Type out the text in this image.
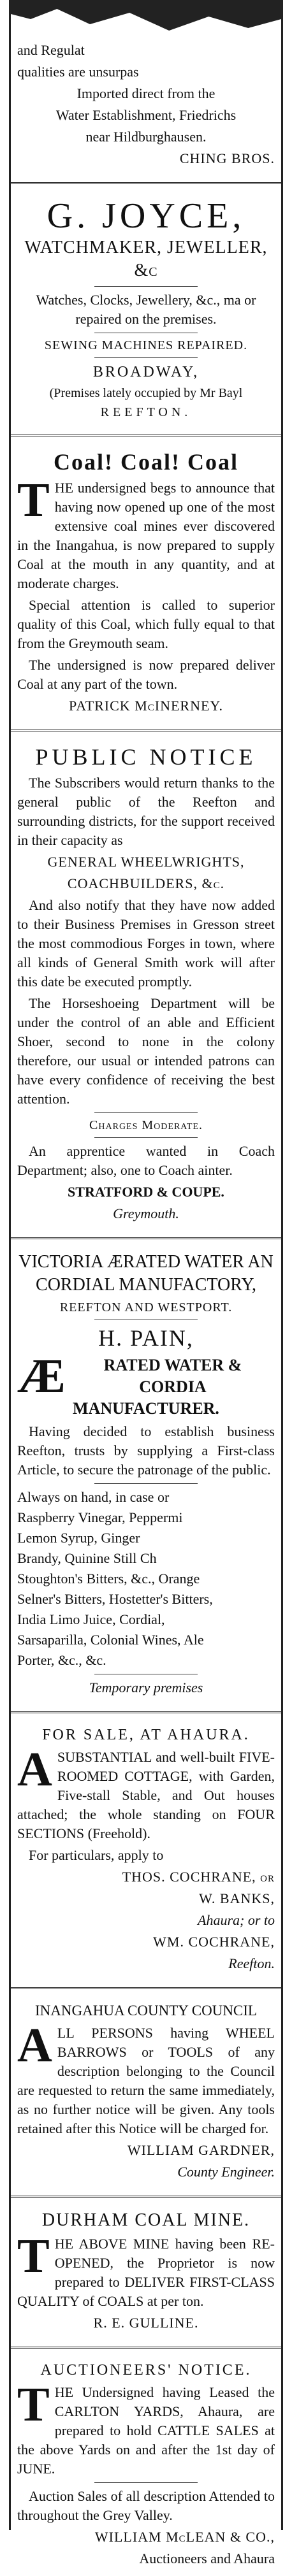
and Regulat

qualities are unsurpas

Imported direct from the

Water Establishment, Friedrichs

near Hildburghausen.

CHING BROS.

G. JOYCE,
WATCHMAKER, JEWELLER, &c

Watches, Clocks, Jewellery, &c., ma or repaired on the premises.

SEWING MACHINES REPAIRED.

BROADWAY,

(Premises lately occupied by Mr Bayl

REEFTON.

Coal! Coal! Coal
T HE undersigned begs to announce that having now opened up one of the most extensive coal mines ever discovered in the Inangahua, is now prepared to supply Coal at the mouth in any quantity, and at moderate charges.

Special attention is called to superior quality of this Coal, which fully equal to that from the Greymouth seam.

The undersigned is now prepared deliver Coal at any part of the town.

PATRICK McINERNEY.

PUBLIC NOTICE

The Subscribers would return thanks to the general public of the Reefton and surrounding districts, for the support received in their capacity as

GENERAL WHEELWRIGHTS,

COACHBUILDERS, &c.

And also notify that they have now added to their Business Premises in Gresson street the most commodious Forges in town, where all kinds of General Smith work will after this date be executed promptly.

The Horseshoeing Department will be under the control of an able and Efficient Shoer, second to none in the colony therefore, our usual or intended patrons can have every confidence of receiving the best attention.

Charges Moderate.

An apprentice wanted in Coach Department; also, one to Coach ainter.

STRATFORD & COUPE.

Greymouth.

VICTORIA ÆRATED WATER AN
CORDIAL MANUFACTORY,

REEFTON AND WESTPORT.

H. PAIN,
Æ	RATED WATER & CORDIA MANUFACTURER.

Having decided to establish business Reefton, trusts by supplying a First-class Article, to secure the patronage of the public.

Always on hand, in case or

Raspberry Vinegar, Peppermi

Lemon Syrup, Ginger

Brandy, Quinine Still Ch

Stoughton's Bitters, &c., Orange

Selner's Bitters, Hostetter's Bitters,

India Limo Juice, Cordial,

Sarsaparilla, Colonial Wines, Ale

Porter, &c., &c.

Temporary premises

FOR SALE, AT AHAURA.
A SUBSTANTIAL and well-built FIVE-ROOMED COTTAGE, with Garden, Five-stall Stable, and Out houses attached; the whole standing on FOUR SECTIONS (Freehold).

For particulars, apply to

THOS. COCHRANE, or

W. BANKS,

Ahaura; or to

WM. COCHRANE,

Reefton.

INANGAHUA COUNTY COUNCIL
A LL PERSONS having WHEEL BARROWS or TOOLS of any description belonging to the Council are requested to return the same immediately, as no further notice will be given. Any tools retained after this Notice will be charged for.

WILLIAM GARDNER,

County Engineer.

DURHAM COAL MINE.
T HE ABOVE MINE having been RE-OPENED, the Proprietor is now prepared to DELIVER FIRST-CLASS QUALITY of COALS at per ton.

R. E. GULLINE.

AUCTIONEERS' NOTICE.
T HE Undersigned having Leased the CARLTON YARDS, Ahaura, are prepared to hold CATTLE SALES at the above Yards on and after the 1st day of JUNE.

Auction Sales of all description Attended to throughout the Grey Valley.

WILLIAM McLEAN & CO.,

Auctioneers and Ahaura
